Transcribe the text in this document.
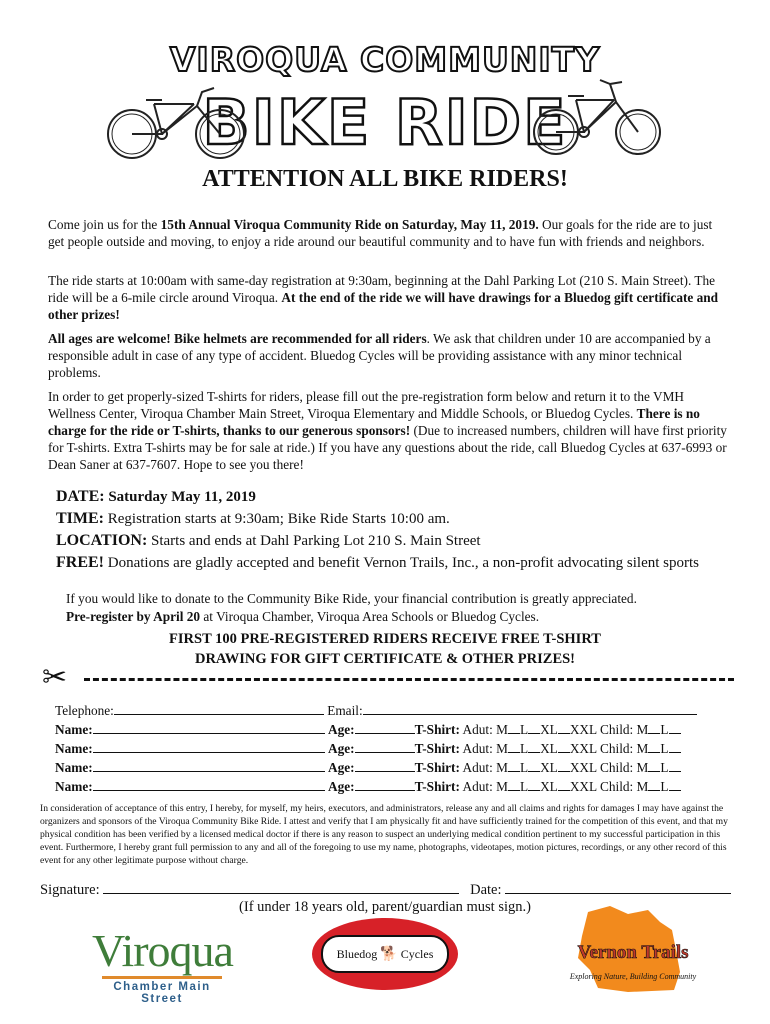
VIROQUA COMMUNITY
BIKE RIDE
ATTENTION ALL BIKE RIDERS!
Come join us for the 15th Annual Viroqua Community Ride on Saturday, May 11, 2019. Our goals for the ride are to just get people outside and moving, to enjoy a ride around our beautiful community and to have fun with friends and neighbors.
The ride starts at 10:00am with same-day registration at 9:30am, beginning at the Dahl Parking Lot (210 S. Main Street). The ride will be a 6-mile circle around Viroqua. At the end of the ride we will have drawings for a Bluedog gift certificate and other prizes!
All ages are welcome! Bike helmets are recommended for all riders. We ask that children under 10 are accompanied by a responsible adult in case of any type of accident. Bluedog Cycles will be providing assistance with any minor technical problems.
In order to get properly-sized T-shirts for riders, please fill out the pre-registration form below and return it to the VMH Wellness Center, Viroqua Chamber Main Street, Viroqua Elementary and Middle Schools, or Bluedog Cycles. There is no charge for the ride or T-shirts, thanks to our generous sponsors! (Due to increased numbers, children will have first priority for T-shirts. Extra T-shirts may be for sale at ride.) If you have any questions about the ride, call Bluedog Cycles at 637-6993 or Dean Saner at 637-7607. Hope to see you there!
DATE: Saturday May 11, 2019
TIME: Registration starts at 9:30am; Bike Ride Starts 10:00 am.
LOCATION: Starts and ends at Dahl Parking Lot 210 S. Main Street
FREE! Donations are gladly accepted and benefit Vernon Trails, Inc., a non-profit advocating silent sports
If you would like to donate to the Community Bike Ride, your financial contribution is greatly appreciated.
Pre-register by April 20 at Viroqua Chamber, Viroqua Area Schools or Bluedog Cycles.
FIRST 100 PRE-REGISTERED RIDERS RECEIVE FREE T-SHIRT
DRAWING FOR GIFT CERTIFICATE & OTHER PRIZES!
✂
Telephone:	Email:
Name:	Age:	T-Shirt: Adut: M L XL XXL Child: M L
Name:	Age:	T-Shirt: Adut: M L XL XXL Child: M L
Name:	Age:	T-Shirt: Adut: M L XL XXL Child: M L
Name:	Age:	T-Shirt: Adut: M L XL XXL Child: M L
In consideration of acceptance of this entry, I hereby, for myself, my heirs, executors, and administrators, release any and all claims and rights for damages I may have against the organizers and sponsors of the Viroqua Community Bike Ride. I attest and verify that I am physically fit and have sufficiently trained for the competition of this event, and that my physical condition has been verified by a licensed medical doctor if there is any reason to suspect an underlying medical condition pertinent to my successful participation in this event. Furthermore, I hereby grant full permission to any and all of the foregoing to use my name, photographs, videotapes, motion pictures, recordings, or any other record of this event for any other legitimate purpose without charge.
Signature:	Date:
(If under 18 years old, parent/guardian must sign.)
Viroqua
Chamber Main Street
Bluedog 🐕 Cycles	Vernon Trails
Exploring Nature, Building Community
